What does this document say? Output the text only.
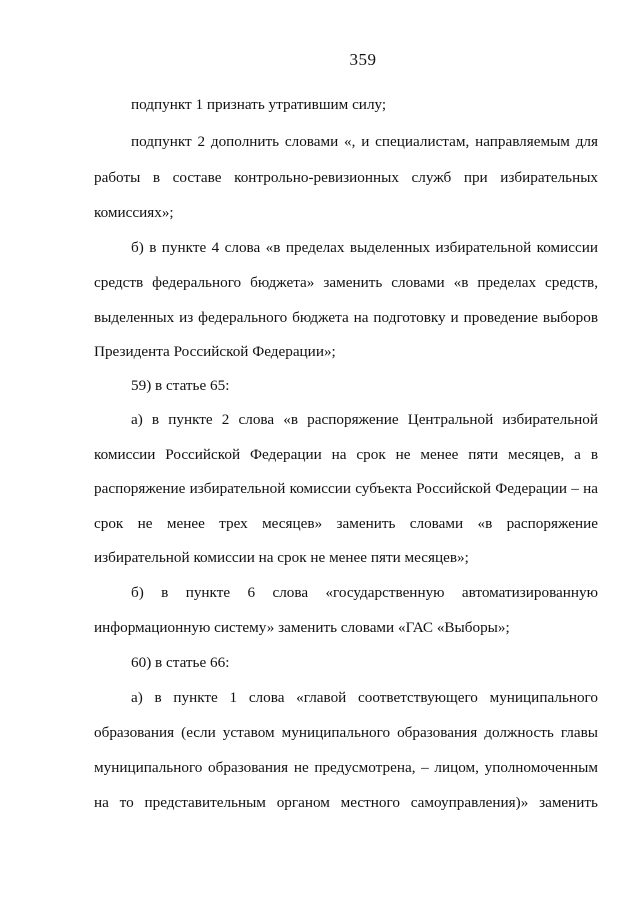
359
подпункт 1 признать утратившим силу;
подпункт 2 дополнить словами «, и специалистам, направляемым для
работы в составе контрольно-ревизионных служб при избирательных
комиссиях»;
б) в пункте 4 слова «в пределах выделенных избирательной комиссии
средств федерального бюджета» заменить словами «в пределах средств,
выделенных из федерального бюджета на подготовку и проведение выборов
Президента Российской Федерации»;
59) в статье 65:
а) в пункте 2 слова «в распоряжение Центральной избирательной
комиссии Российской Федерации на срок не менее пяти месяцев, а в
распоряжение избирательной комиссии субъекта Российской Федерации – на
срок не менее трех месяцев» заменить словами «в распоряжение
избирательной комиссии на срок не менее пяти месяцев»;
б) в пункте 6 слова «государственную автоматизированную
информационную систему» заменить словами «ГАС «Выборы»;
60) в статье 66:
а) в пункте 1 слова «главой соответствующего муниципального
образования (если уставом муниципального образования должность главы
муниципального образования не предусмотрена, – лицом, уполномоченным
на то представительным органом местного самоуправления)» заменить
